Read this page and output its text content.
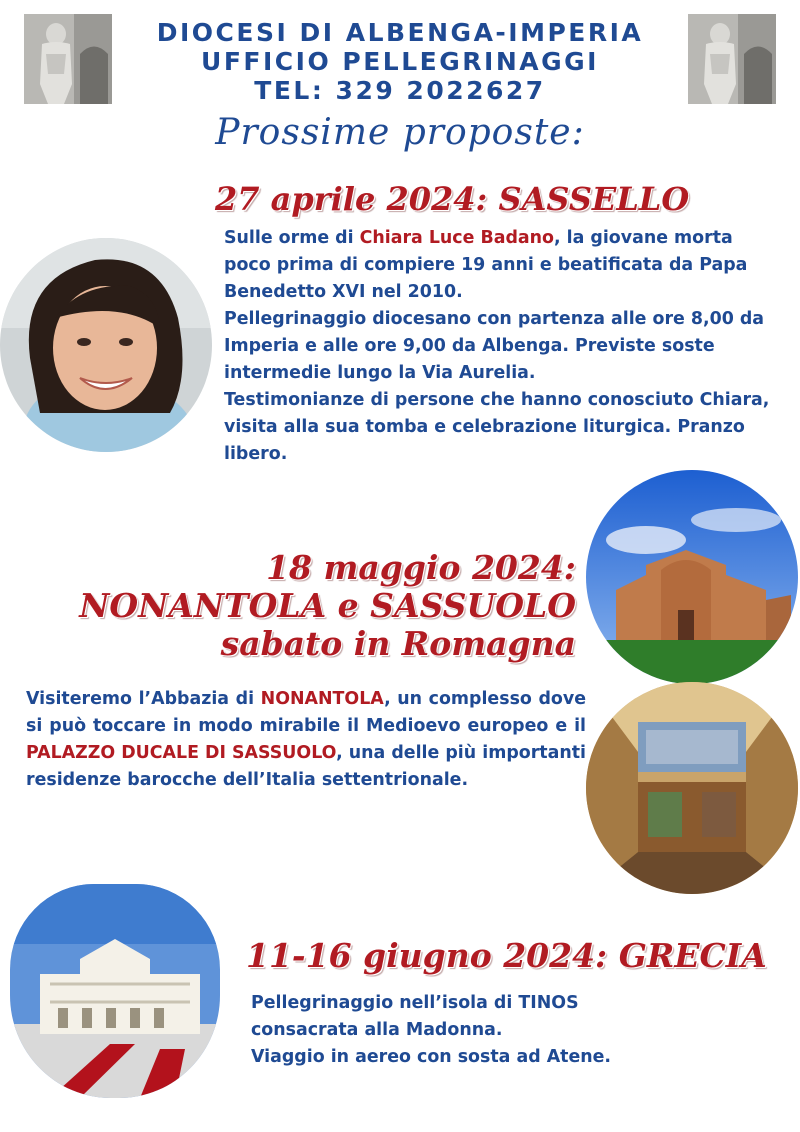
DIOCESI DI ALBENGA-IMPERIA
UFFICIO PELLEGRINAGGI
TEL: 329 2022627
Prossime proposte:
27 aprile 2024: SASSELLO
Sulle orme di Chiara Luce Badano, la giovane morta poco prima di compiere 19 anni e beatificata da Papa Benedetto XVI nel 2010.
Pellegrinaggio diocesano con partenza alle ore 8,00 da Imperia e alle ore 9,00 da Albenga. Previste soste intermedie lungo la Via Aurelia.
Testimonianze di persone che hanno conosciuto Chiara, visita alla sua tomba e celebrazione liturgica. Pranzo libero.
18 maggio 2024:
NONANTOLA e SASSUOLO
sabato in Romagna
Visiteremo l’Abbazia di NONANTOLA, un complesso dove si può toccare in modo mirabile il Medioevo europeo e il PALAZZO DUCALE DI SASSUOLO, una delle più importanti residenze barocche dell’Italia settentrionale.
11-16 giugno 2024: GRECIA
Pellegrinaggio nell’isola di TINOS
consacrata alla Madonna.
Viaggio in aereo con sosta ad Atene.
